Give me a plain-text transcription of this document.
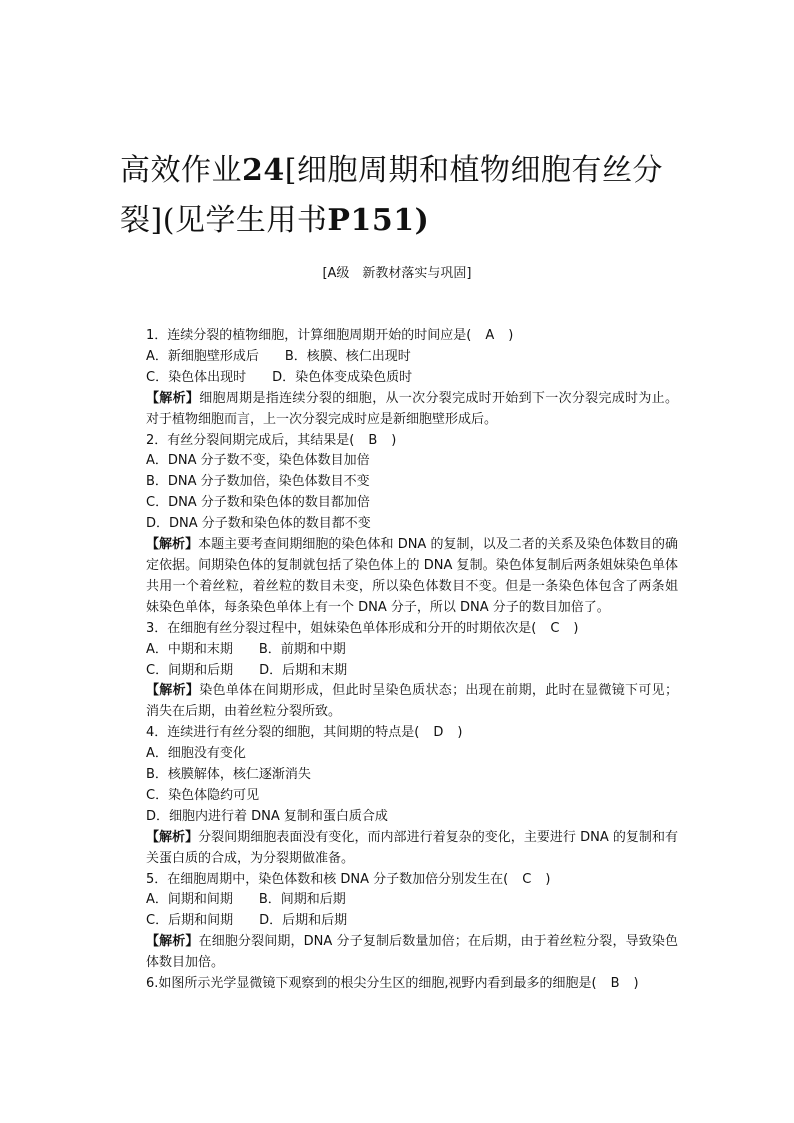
高效作业24[细胞周期和植物细胞有丝分
裂](见学生用书P151)
[A级　新教材落实与巩固]
1．连续分裂的植物细胞，计算细胞周期开始的时间应是( A )
A．新细胞壁形成后　　B．核膜、核仁出现时
C．染色体出现时　　D．染色体变成染色质时
【解析】细胞周期是指连续分裂的细胞，从一次分裂完成时开始到下一次分裂完成时为止。对于植物细胞而言，上一次分裂完成时应是新细胞壁形成后。
2．有丝分裂间期完成后，其结果是( B )
A．DNA 分子数不变，染色体数目加倍
B．DNA 分子数加倍，染色体数目不变
C．DNA 分子数和染色体的数目都加倍
D．DNA 分子数和染色体的数目都不变
【解析】本题主要考查间期细胞的染色体和 DNA 的复制，以及二者的关系及染色体数目的确定依据。间期染色体的复制就包括了染色体上的 DNA 复制。染色体复制后两条姐妹染色单体共用一个着丝粒，着丝粒的数目未变，所以染色体数目不变。但是一条染色体包含了两条姐妹染色单体，每条染色单体上有一个 DNA 分子，所以 DNA 分子的数目加倍了。
3．在细胞有丝分裂过程中，姐妹染色单体形成和分开的时期依次是( C )
A．中期和末期　　B．前期和中期
C．间期和后期　　D．后期和末期
【解析】染色单体在间期形成，但此时呈染色质状态；出现在前期，此时在显微镜下可见；消失在后期，由着丝粒分裂所致。
4．连续进行有丝分裂的细胞，其间期的特点是( D )
A．细胞没有变化
B．核膜解体，核仁逐渐消失
C．染色体隐约可见
D．细胞内进行着 DNA 复制和蛋白质合成
【解析】分裂间期细胞表面没有变化，而内部进行着复杂的变化，主要进行 DNA 的复制和有关蛋白质的合成，为分裂期做准备。
5．在细胞周期中，染色体数和核 DNA 分子数加倍分别发生在( C )
A．间期和间期　　B．间期和后期
C．后期和间期　　D．后期和后期
【解析】在细胞分裂间期，DNA 分子复制后数量加倍；在后期，由于着丝粒分裂，导致染色体数目加倍。
6.如图所示光学显微镜下观察到的根尖分生区的细胞,视野内看到最多的细胞是( B )
